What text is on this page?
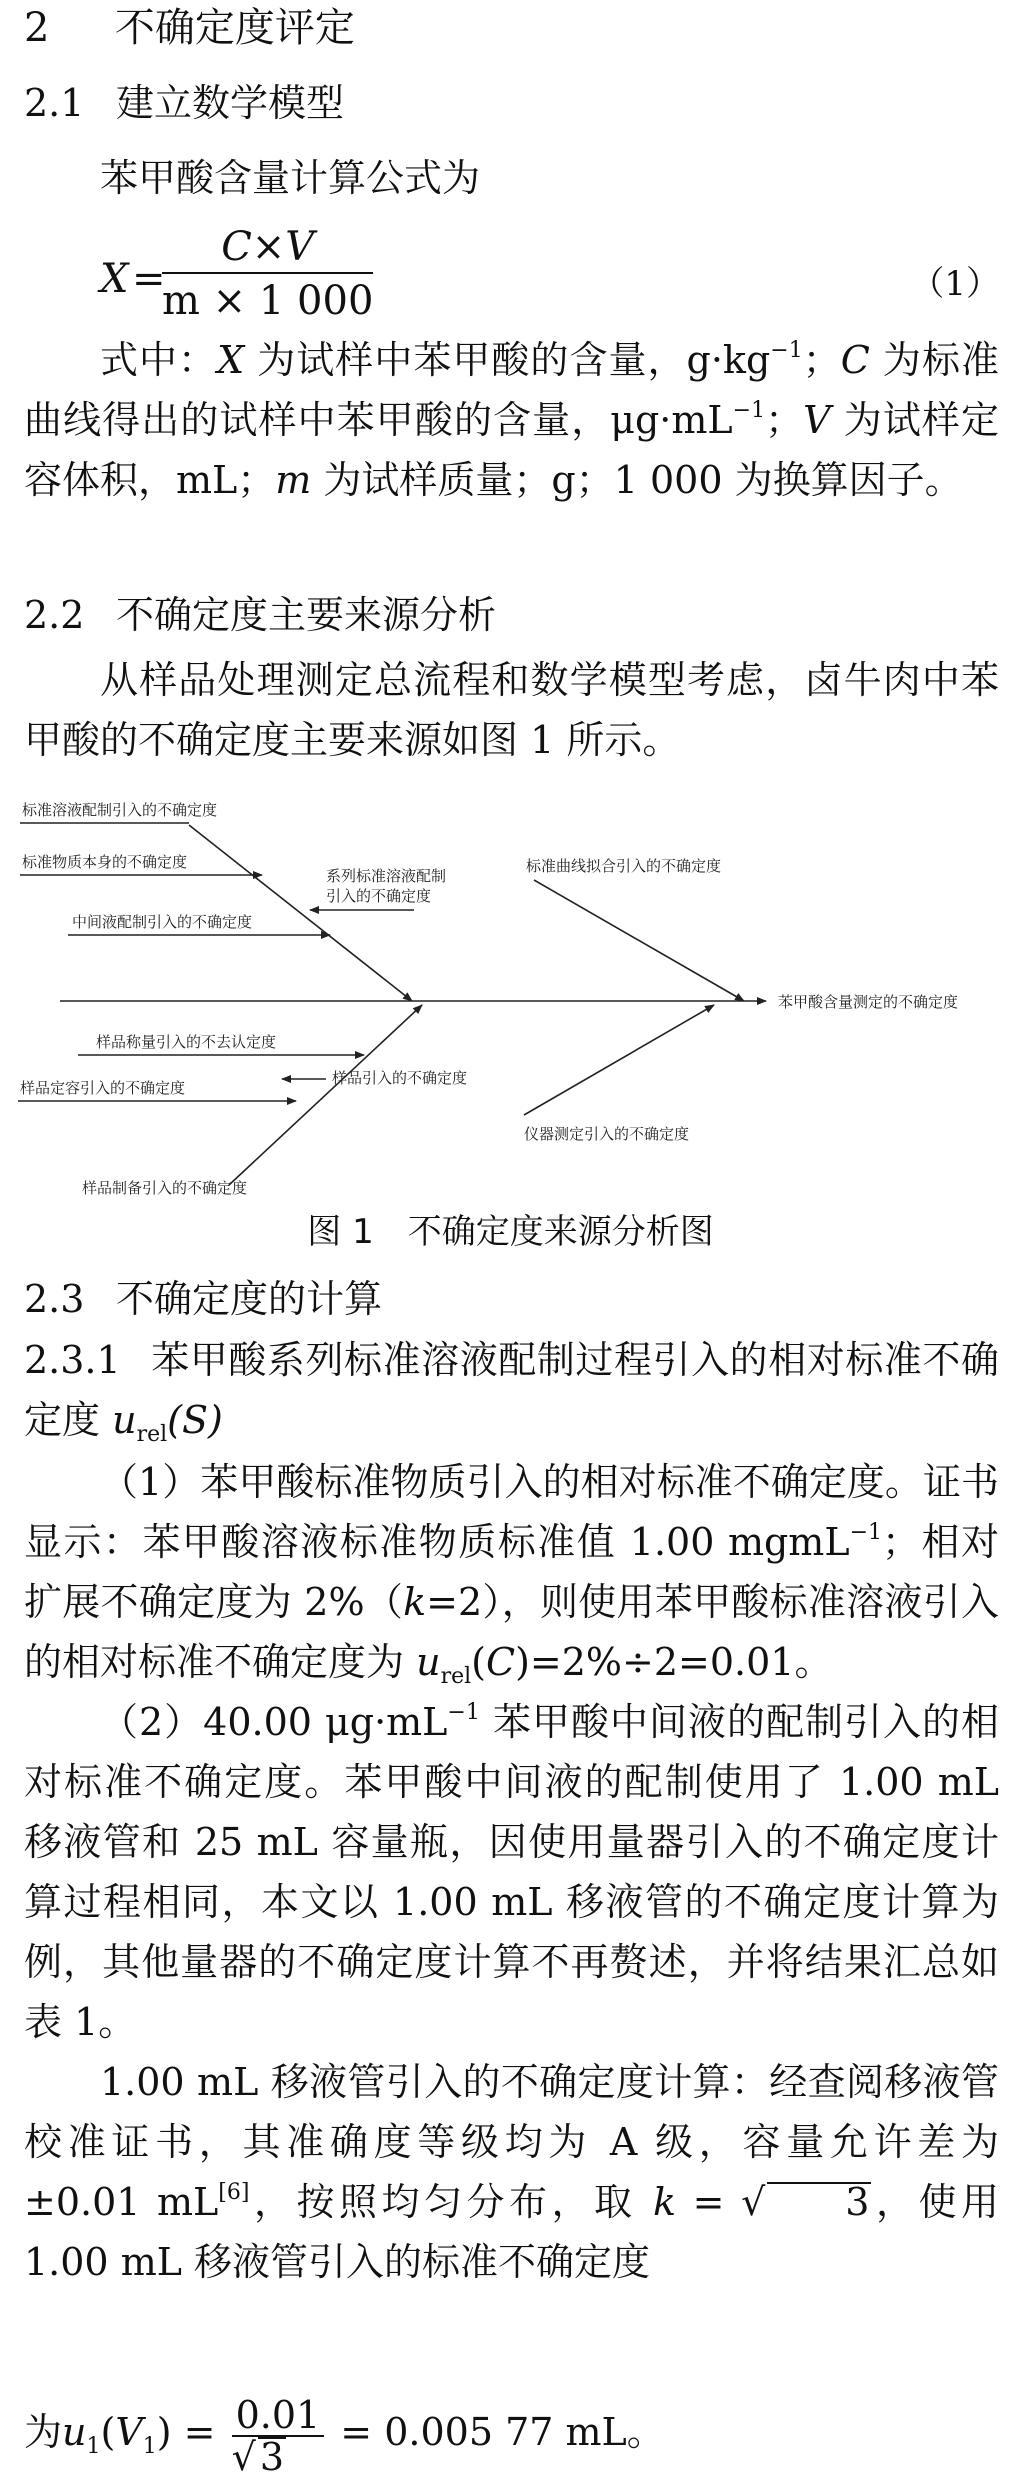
2 不确定度评定
2.1 建立数学模型
苯甲酸含量计算公式为
X =
$\frac{C\times V}{m \times 1 000}$	（1）
式中：X 为试样中苯甲酸的含量，$g\cdot kg^{-1}$；C 为标准曲线得出的试样中苯甲酸的含量，$\mu g\cdot mL^{-1}$；V 为试样定容体积，mL；m 为试样质量；g；1 000 为换算因子。
2.2 不确定度主要来源分析
从样品处理测定总流程和数学模型考虑，卤牛肉中苯甲酸的不确定度主要来源如图 1 所示。
标准溶液配制引入的不确定度
标准物质本身的不确定度
系列标准溶液配制
引入的不确定度
中间液配制引入的不确定度
标准曲线拟合引入的不确定度
苯甲酸含量测定的不确定度
样品称量引入的不去认定度
样品引入的不确定度
样品定容引入的不确定度
仪器测定引入的不确定度
样品制备引入的不确定度
图 1　不确定度来源分析图
2.3 不确定度的计算
2.3.1 苯甲酸系列标准溶液配制过程引入的相对标准不确定度 $u_{rel}(S)$
（1）苯甲酸标准物质引入的相对标准不确定度。证书显示：苯甲酸溶液标准物质标准值 1.00 mgmL$^{-1}$；相对扩展不确定度为 2%（k=2），则使用苯甲酸标准溶液引入的相对标准不确定度为 $u_{rel}(C)=2\%\div 2=0.01$。
（2）40.00 $\mu g\cdot mL^{-1}$ 苯甲酸中间液的配制引入的相对标准不确定度。苯甲酸中间液的配制使用了 1.00 mL 移液管和 25 mL 容量瓶，因使用量器引入的不确定度计算过程相同，本文以 1.00 mL 移液管的不确定度计算为例，其他量器的不确定度计算不再赘述，并将结果汇总如表 1。
1.00 mL 移液管引入的不确定度计算：经查阅移液管校准证书，其准确度等级均为 A 级，容量允许差为 ±0.01 mL[6]，按照均匀分布，取 k = √ 3，使用 1.00 mL 移液管引入的标准不确定度
为$u_1(V_1) = \frac{0.01}{√ 3} = 0.005$ 77 mL。
